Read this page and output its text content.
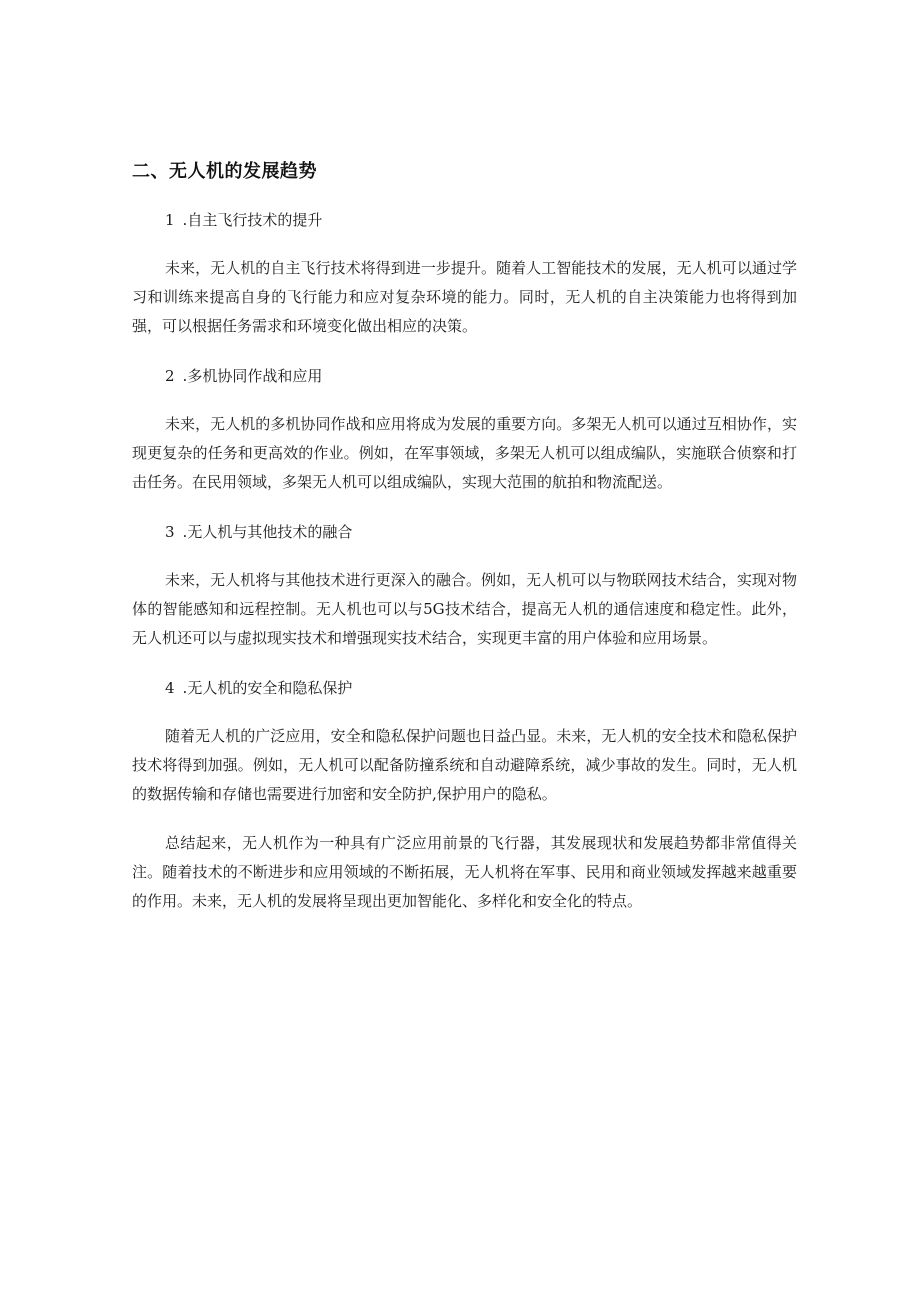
二、无人机的发展趋势

1 .自主飞行技术的提升

未来，无人机的自主飞行技术将得到进一步提升。随着人工智能技术的发展，无人机可以通过学习和训练来提高自身的飞行能力和应对复杂环境的能力。同时，无人机的自主决策能力也将得到加强，可以根据任务需求和环境变化做出相应的决策。

2 .多机协同作战和应用

未来，无人机的多机协同作战和应用将成为发展的重要方向。多架无人机可以通过互相协作，实现更复杂的任务和更高效的作业。例如，在军事领域，多架无人机可以组成编队，实施联合侦察和打击任务。在民用领域，多架无人机可以组成编队，实现大范围的航拍和物流配送。

3 .无人机与其他技术的融合

未来，无人机将与其他技术进行更深入的融合。例如，无人机可以与物联网技术结合，实现对物体的智能感知和远程控制。无人机也可以与5G技术结合，提高无人机的通信速度和稳定性。此外，无人机还可以与虚拟现实技术和增强现实技术结合，实现更丰富的用户体验和应用场景。

4 .无人机的安全和隐私保护

随着无人机的广泛应用，安全和隐私保护问题也日益凸显。未来，无人机的安全技术和隐私保护技术将得到加强。例如，无人机可以配备防撞系统和自动避障系统，减少事故的发生。同时，无人机的数据传输和存储也需要进行加密和安全防护,保护用户的隐私。

总结起来，无人机作为一种具有广泛应用前景的飞行器，其发展现状和发展趋势都非常值得关注。随着技术的不断进步和应用领域的不断拓展，无人机将在军事、民用和商业领域发挥越来越重要的作用。未来，无人机的发展将呈现出更加智能化、多样化和安全化的特点。
